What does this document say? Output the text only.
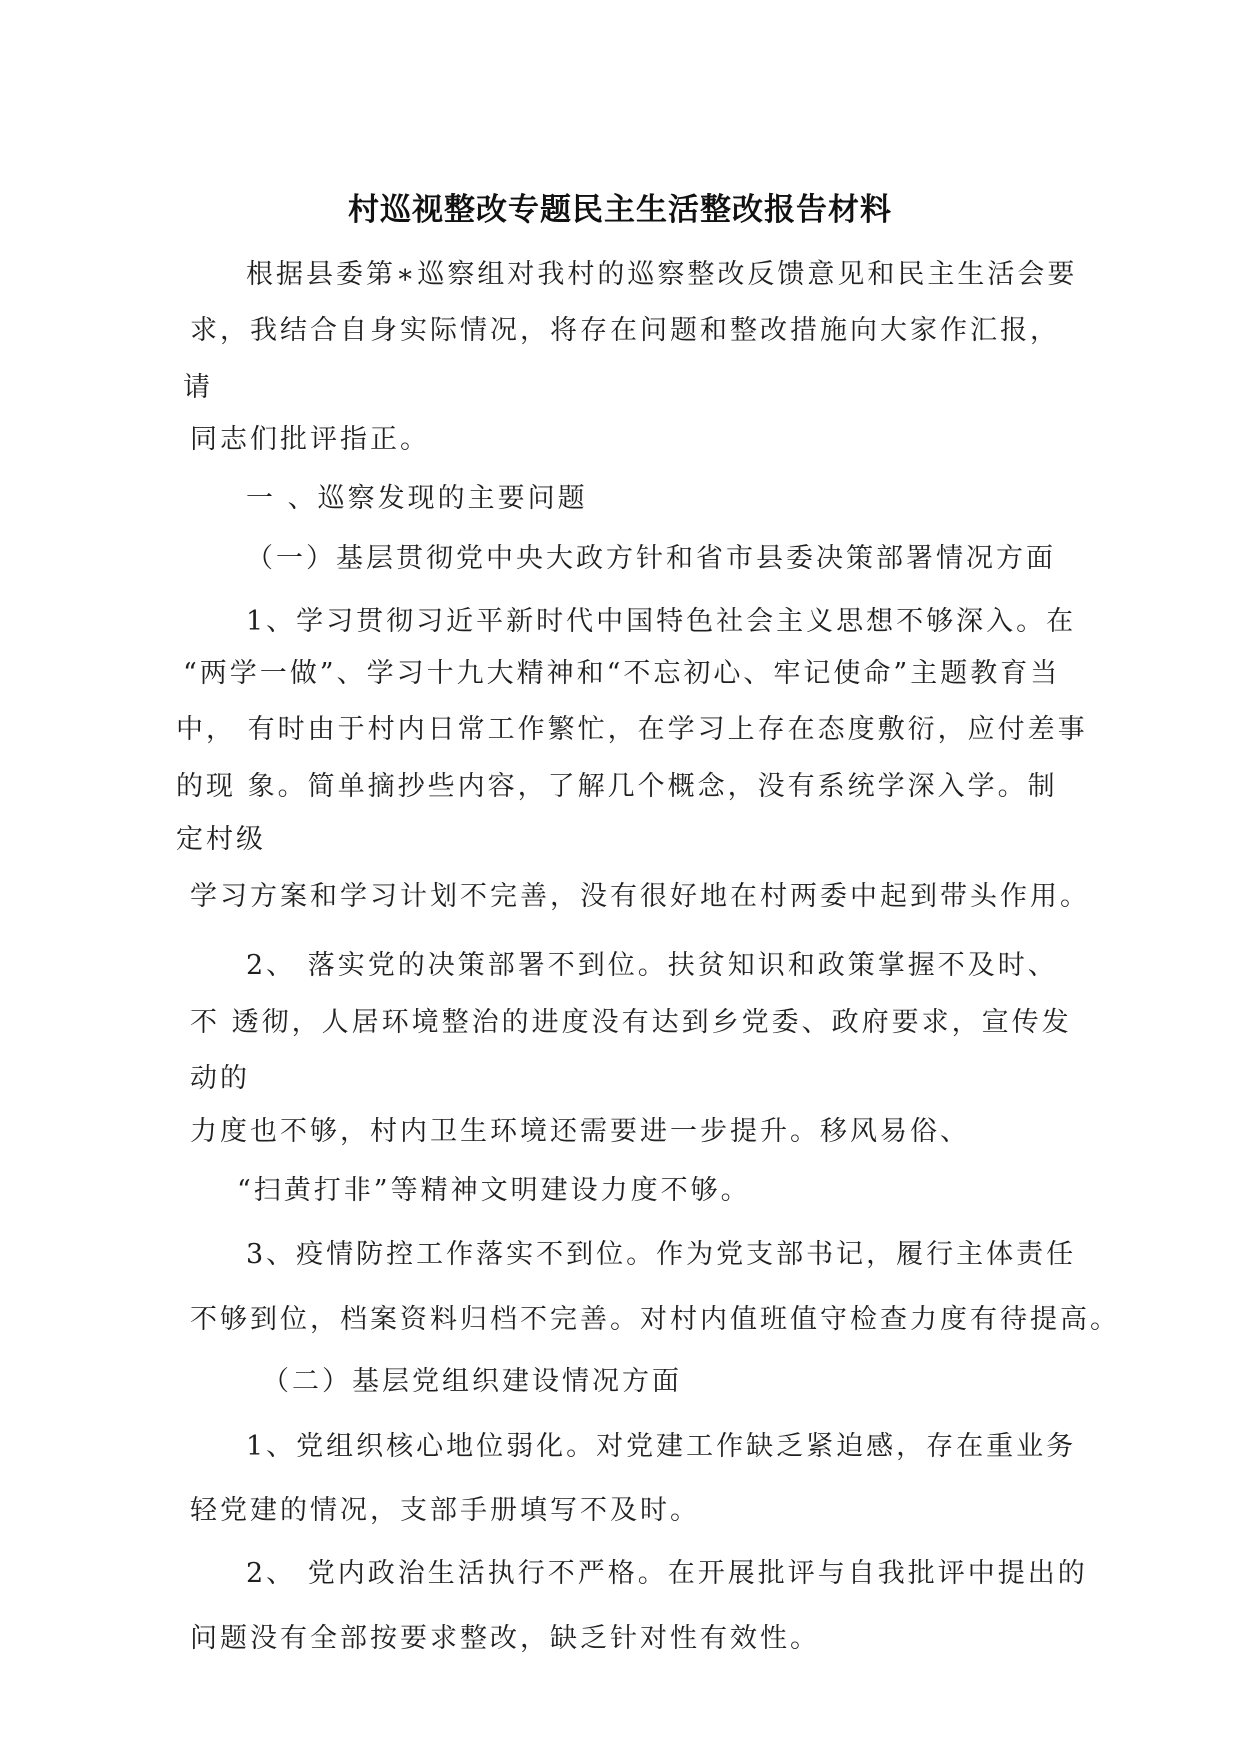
村巡视整改专题民主生活整改报告材料
根据县委第∗巡察组对我村的巡察整改反馈意见和民主生活会要
求，我结合自身实际情况，将存在问题和整改措施向大家作汇报，
请
同志们批评指正。
一 、巡察发现的主要问题
（一）基层贯彻党中央大政方针和省市县委决策部署情况方面
1、学习贯彻习近平新时代中国特色社会主义思想不够深入。在
“两学一做”、学习十九大精神和“不忘初心、牢记使命”主题教育当
中， 有时由于村内日常工作繁忙，在学习上存在态度敷衍，应付差事
的现 象。简单摘抄些内容，了解几个概念，没有系统学深入学。制
定村级
学习方案和学习计划不完善，没有很好地在村两委中起到带头作用。
2、 落实党的决策部署不到位。扶贫知识和政策掌握不及时、
不 透彻，人居环境整治的进度没有达到乡党委、政府要求，宣传发
动的
力度也不够，村内卫生环境还需要进一步提升。移风易俗、
“扫黄打非”等精神文明建设力度不够。
3、疫情防控工作落实不到位。作为党支部书记，履行主体责任
不够到位，档案资料归档不完善。对村内值班值守检查力度有待提高。
（二）基层党组织建设情况方面
1、党组织核心地位弱化。对党建工作缺乏紧迫感，存在重业务
轻党建的情况，支部手册填写不及时。
2、 党内政治生活执行不严格。在开展批评与自我批评中提出的
问题没有全部按要求整改，缺乏针对性有效性。
